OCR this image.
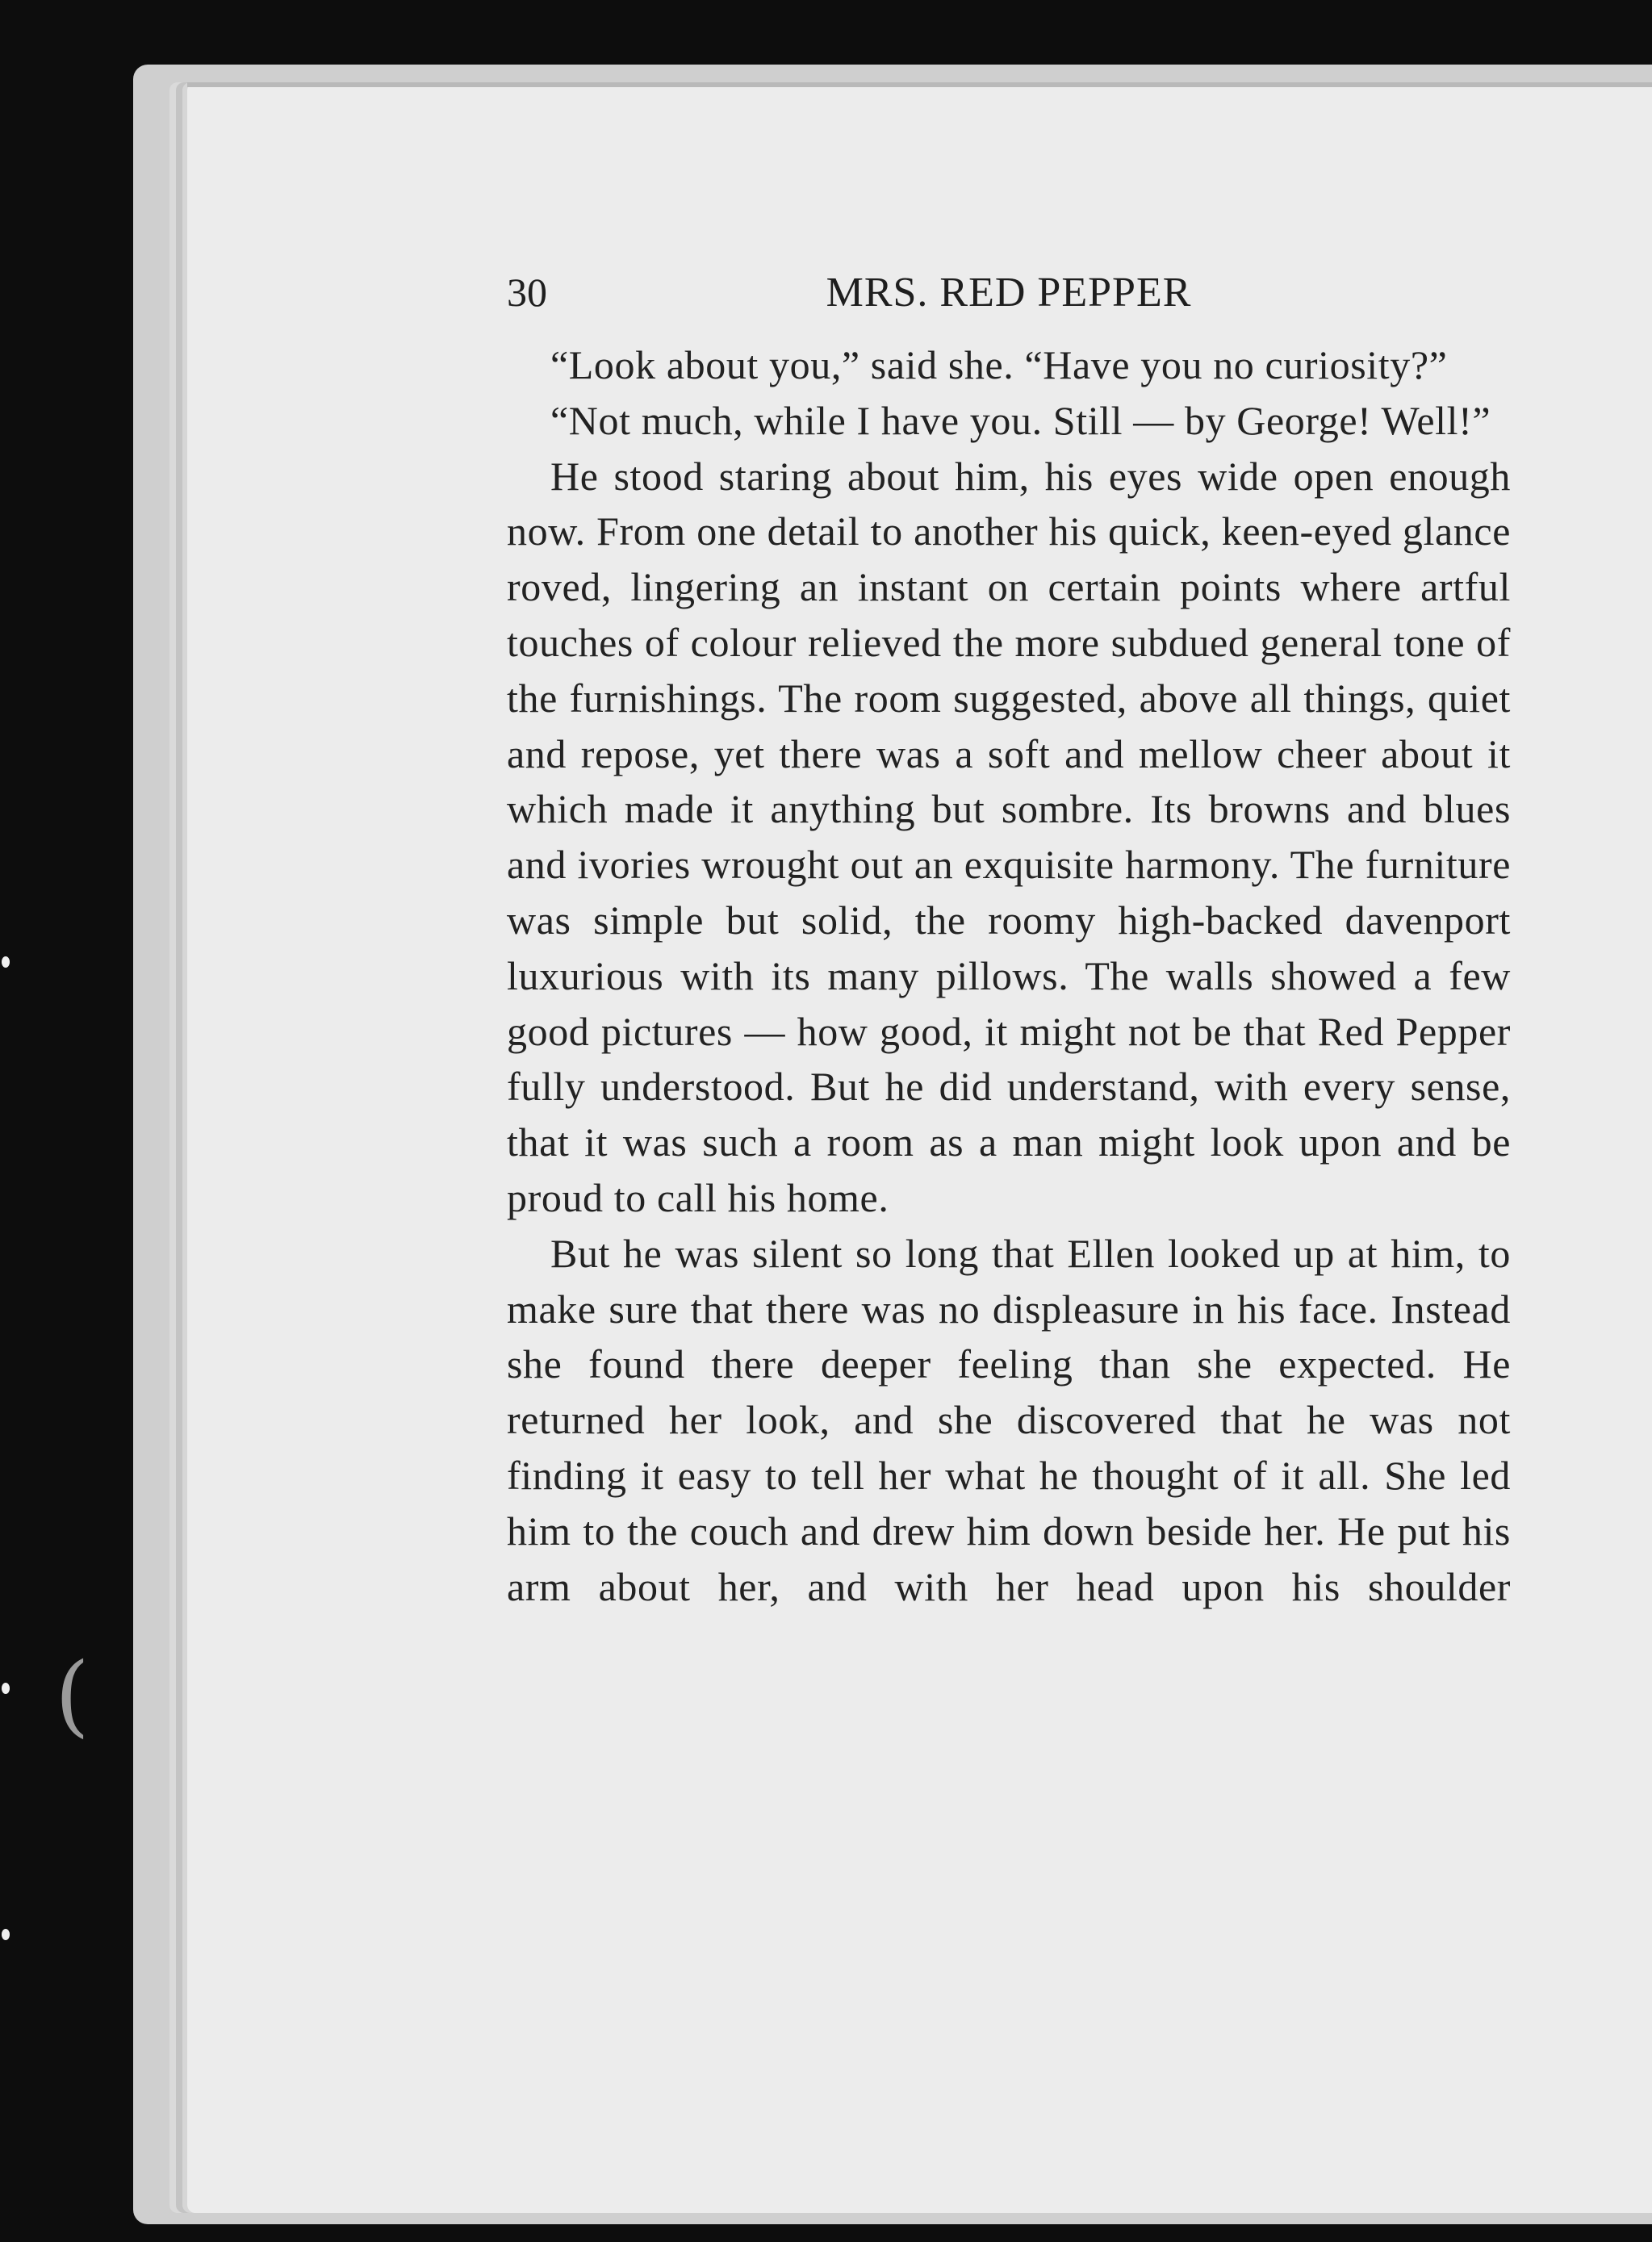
(
30	MRS. RED PEPPER

“Look about you,” said she. “Have you no curiosity?”

“Not much, while I have you. Still — by George! Well!”

He stood staring about him, his eyes wide open enough now. From one detail to another his quick, keen-eyed glance roved, lingering an instant on certain points where artful touches of colour relieved the more subdued general tone of the furnishings. The room suggested, above all things, quiet and repose, yet there was a soft and mellow cheer about it which made it anything but sombre. Its browns and blues and ivories wrought out an exquisite harmony. The furniture was simple but solid, the roomy high-backed davenport luxurious with its many pillows. The walls showed a few good pictures — how good, it might not be that Red Pepper fully understood. But he did understand, with every sense, that it was such a room as a man might look upon and be proud to call his home.

But he was silent so long that Ellen looked up at him, to make sure that there was no displeasure in his face. Instead she found there deeper feeling than she expected. He returned her look, and she discovered that he was not finding it easy to tell her what he thought of it all. She led him to the couch and drew him down beside her. He put his arm about her, and with her head upon his shoulder
